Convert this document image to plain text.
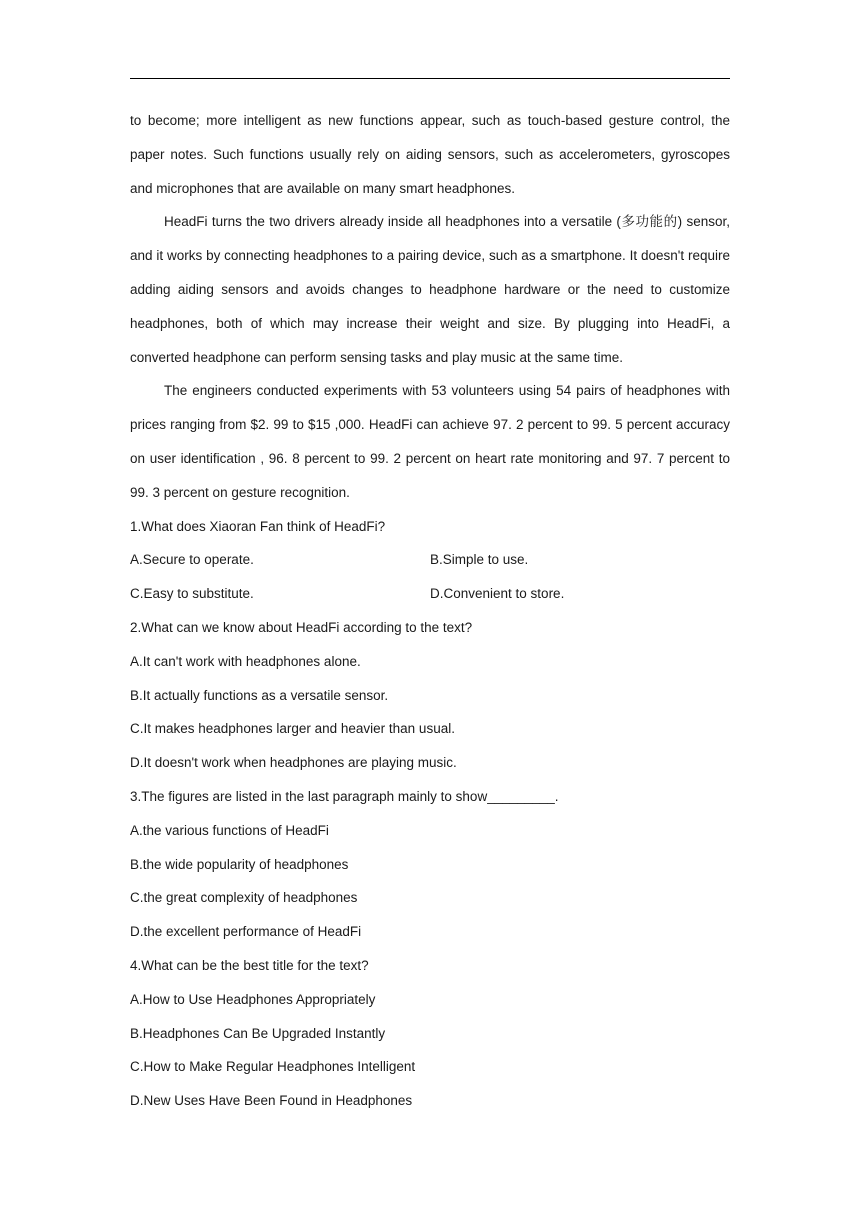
to become; more intelligent as new functions appear, such as touch-based gesture control, the paper notes. Such functions usually rely on aiding sensors, such as accelerometers, gyroscopes and microphones that are available on many smart headphones.

HeadFi turns the two drivers already inside all headphones into a versatile (多功能的) sensor, and it works by connecting headphones to a pairing device, such as a smartphone. It doesn't require adding aiding sensors and avoids changes to headphone hardware or the need to customize headphones, both of which may increase their weight and size. By plugging into HeadFi, a converted headphone can perform sensing tasks and play music at the same time.

The engineers conducted experiments with 53 volunteers using 54 pairs of headphones with prices ranging from $2. 99 to $15 ,000. HeadFi can achieve 97. 2 percent to 99. 5 percent accuracy on user identification , 96. 8 percent to 99. 2 percent on heart rate monitoring and 97. 7 percent to 99. 3 percent on gesture recognition.

1.What does Xiaoran Fan think of HeadFi?
A.Secure to operate.	B.Simple to use.
C.Easy to substitute.	D.Convenient to store.
2.What can we know about HeadFi according to the text?
A.It can't work with headphones alone.
B.It actually functions as a versatile sensor.
C.It makes headphones larger and heavier than usual.
D.It doesn't work when headphones are playing music.
3.The figures are listed in the last paragraph mainly to show_________.
A.the various functions of HeadFi
B.the wide popularity of headphones
C.the great complexity of headphones
D.the excellent performance of HeadFi
4.What can be the best title for the text?
A.How to Use Headphones Appropriately
B.Headphones Can Be Upgraded Instantly
C.How to Make Regular Headphones Intelligent
D.New Uses Have Been Found in Headphones
